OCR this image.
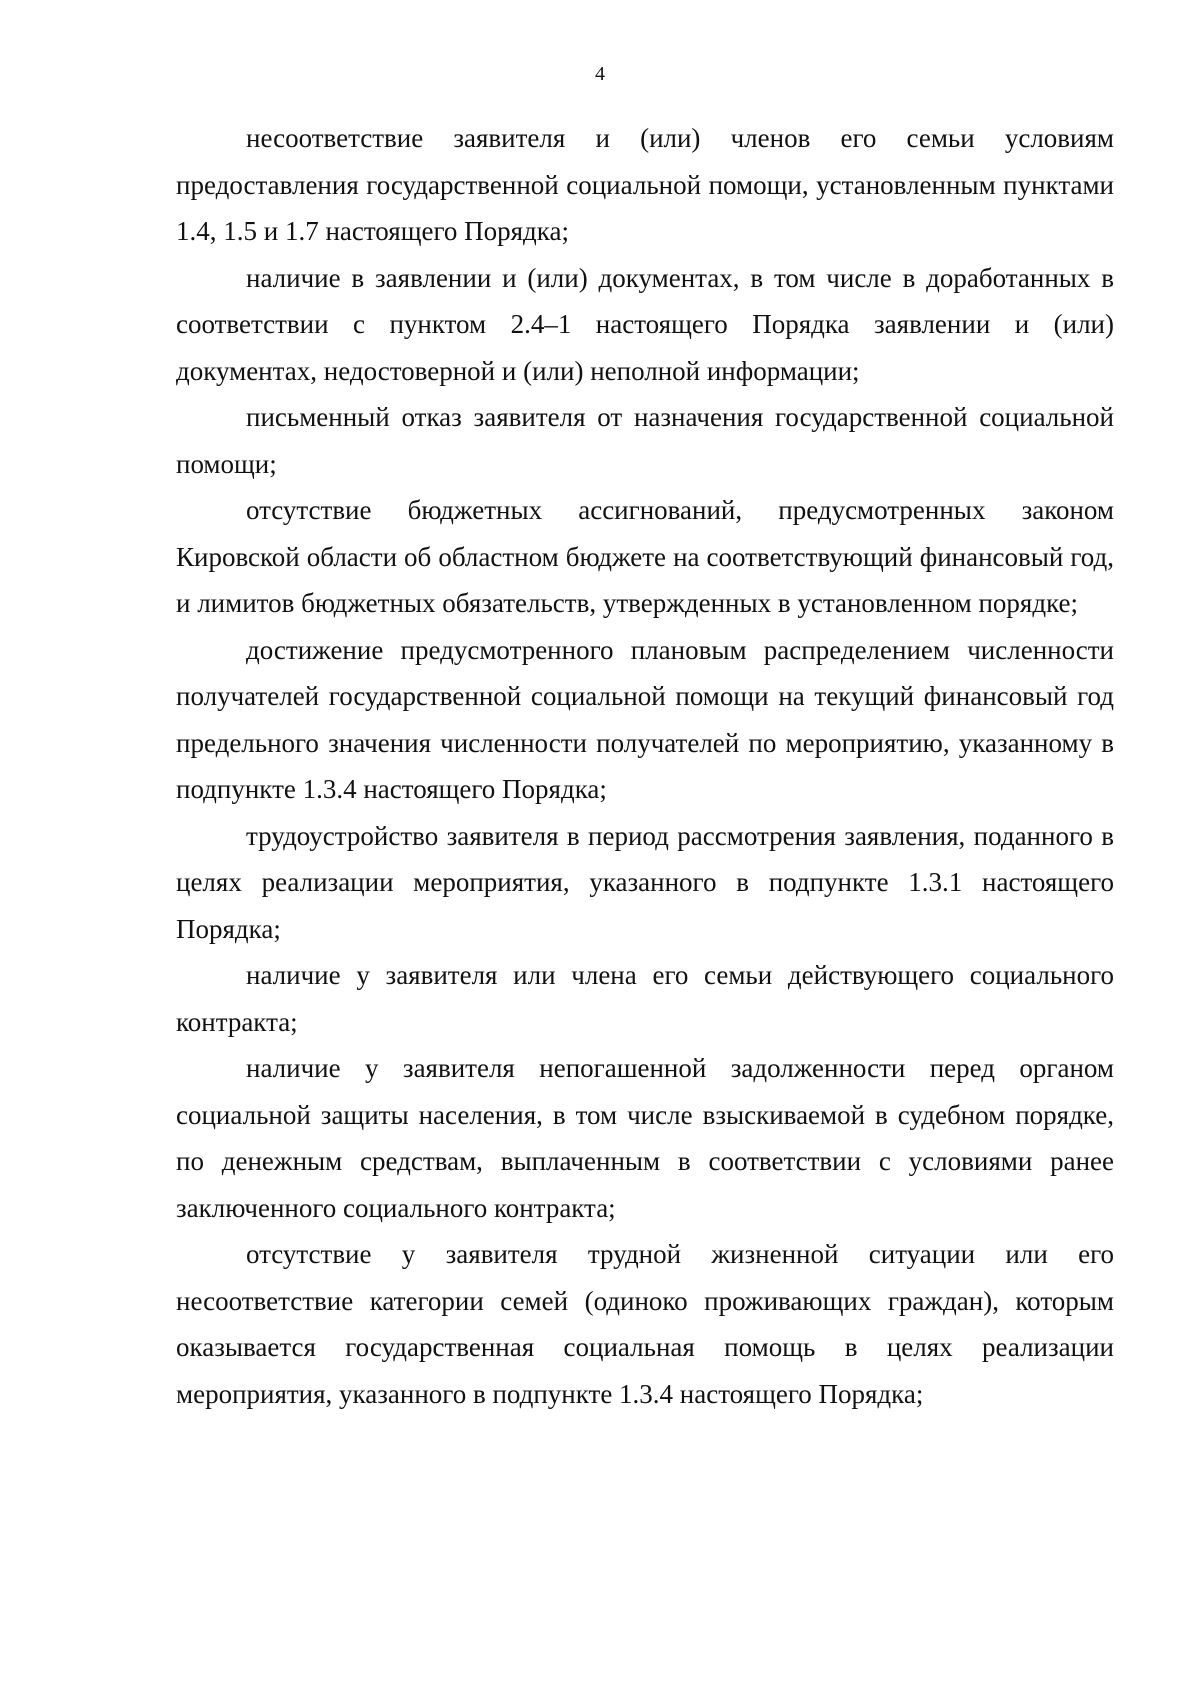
4

несоответствие заявителя и (или) членов его семьи условиям предоставления государственной социальной помощи, установленным пунктами 1.4, 1.5 и 1.7 настоящего Порядка;

наличие в заявлении и (или) документах, в том числе в доработанных в соответствии с пунктом 2.4–1 настоящего Порядка заявлении и (или) документах, недостоверной и (или) неполной информации;

письменный отказ заявителя от назначения государственной социальной помощи;

отсутствие бюджетных ассигнований, предусмотренных законом Кировской области об областном бюджете на соответствующий финансовый год, и лимитов бюджетных обязательств, утвержденных в установленном порядке;

достижение предусмотренного плановым распределением численности получателей государственной социальной помощи на текущий финансовый год предельного значения численности получателей по мероприятию, указанному в подпункте 1.3.4 настоящего Порядка;

трудоустройство заявителя в период рассмотрения заявления, поданного в целях реализации мероприятия, указанного в подпункте 1.3.1 настоящего Порядка;

наличие у заявителя или члена его семьи действующего социального контракта;

наличие у заявителя непогашенной задолженности перед органом социальной защиты населения, в том числе взыскиваемой в судебном порядке, по денежным средствам, выплаченным в соответствии с условиями ранее заключенного социального контракта;

отсутствие у заявителя трудной жизненной ситуации или его несоответствие категории семей (одиноко проживающих граждан), которым оказывается государственная социальная помощь в целях реализации мероприятия, указанного в подпункте 1.3.4 настоящего Порядка;
